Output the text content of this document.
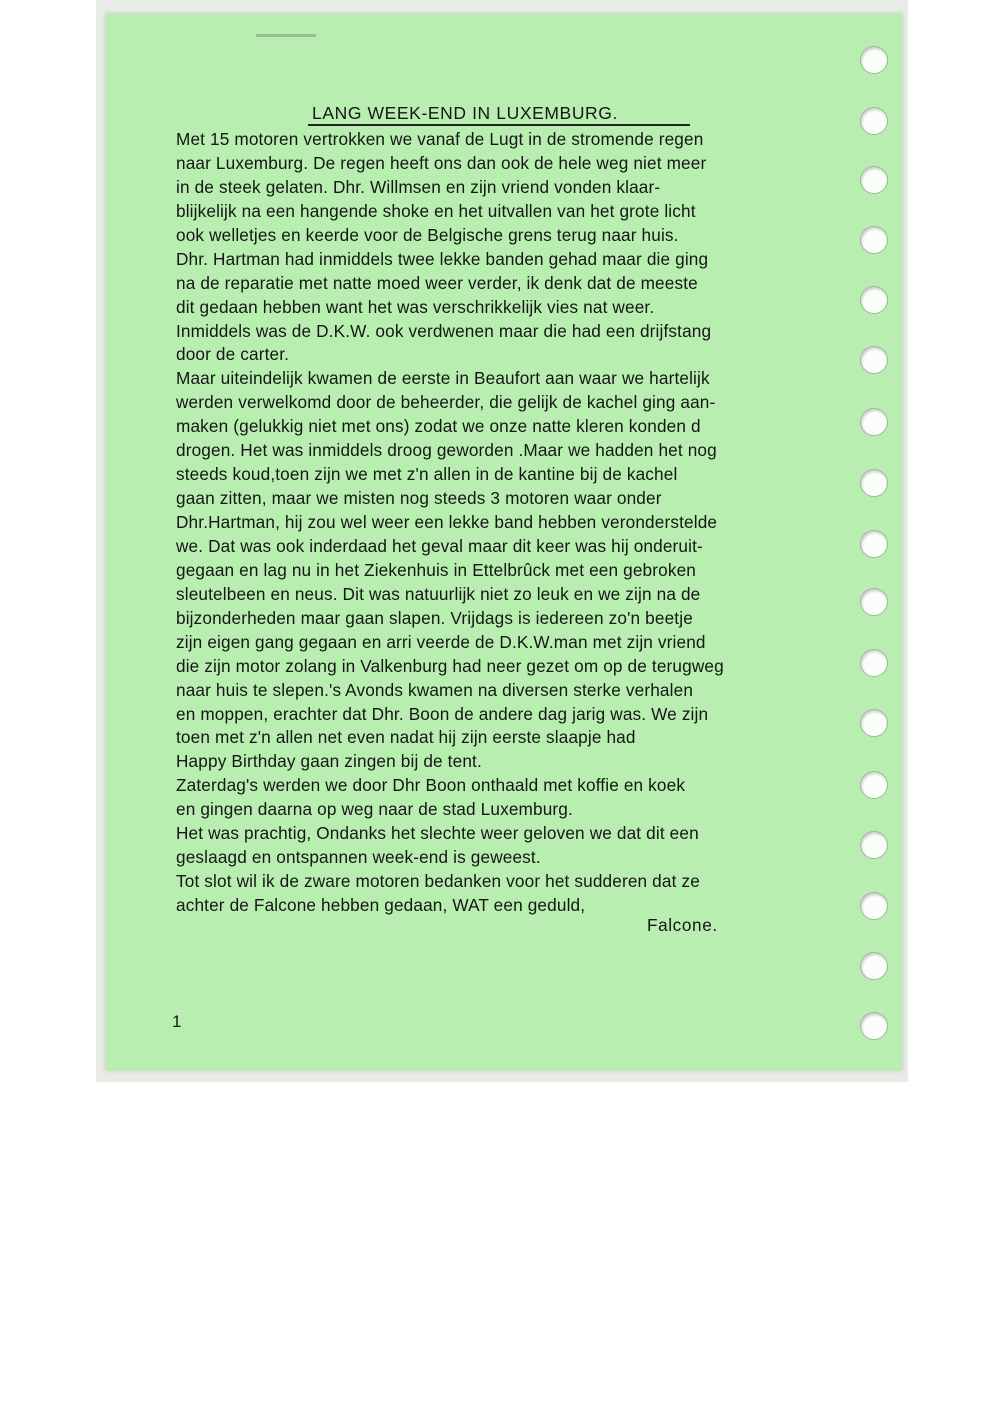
LANG WEEK-END IN LUXEMBURG.
Met 15 motoren vertrokken we vanaf de Lugt in de stromende regen
naar Luxemburg. De regen heeft ons dan ook de hele weg niet meer
in de steek gelaten. Dhr. Willmsen en zijn vriend vonden klaar-
blijkelijk na een hangende shoke en het uitvallen van het grote licht
ook welletjes en keerde voor de Belgische grens terug naar huis.
Dhr. Hartman had inmiddels twee lekke banden gehad maar die ging
na de reparatie met natte moed weer verder, ik denk dat de meeste
dit gedaan hebben want het was verschrikkelijk vies nat weer.
Inmiddels was de D.K.W. ook verdwenen maar die had een drijfstang
door de carter.
Maar uiteindelijk kwamen de eerste in Beaufort aan waar we hartelijk
werden verwelkomd door de beheerder, die gelijk de kachel ging aan-
maken (gelukkig niet met ons) zodat we onze natte kleren konden d
drogen. Het was inmiddels droog geworden .Maar we hadden het nog
steeds koud,toen zijn we met z'n allen in de kantine bij de kachel
gaan zitten, maar we misten nog steeds 3 motoren waar onder
Dhr.Hartman, hij zou wel weer een lekke band hebben verondersteldе
we. Dat was ook inderdaad het geval maar dit keer was hij onderuit-
gegaan en lag nu in het Ziekenhuis in Ettelbrûck met een gebroken
sleutelbeen en neus. Dit was natuurlijk niet zo leuk en we zijn na de
bijzonderheden maar gaan slapen. Vrijdags is iedereen zo'n beetje
zijn eigen gang gegaan en arri veerde de D.K.W.man met zijn vriend
die zijn motor zolang in Valkenburg had neer gezet om op de terugweg
naar huis te slepen.'s Avonds kwamen na diversen sterke verhalen
en moppen, erachter dat Dhr. Boon de andere dag jarig was. We zijn
toen met z'n allen net even nadat hij zijn eerste slaapje had
Happy Birthday gaan zingen bij de tent.
Zaterdag's werden we door Dhr Boon onthaald met koffie en koek
en gingen daarna op weg naar de stad Luxemburg.
Het was prachtig, Ondanks het slechte weer geloven we dat dit een
geslaagd en ontspannen week-end is geweest.
Tot slot wil ik de zware motoren bedanken voor het sudderen dat ze
achter de Falcone hebben gedaan, WAT een geduld,
Falcone.
1
